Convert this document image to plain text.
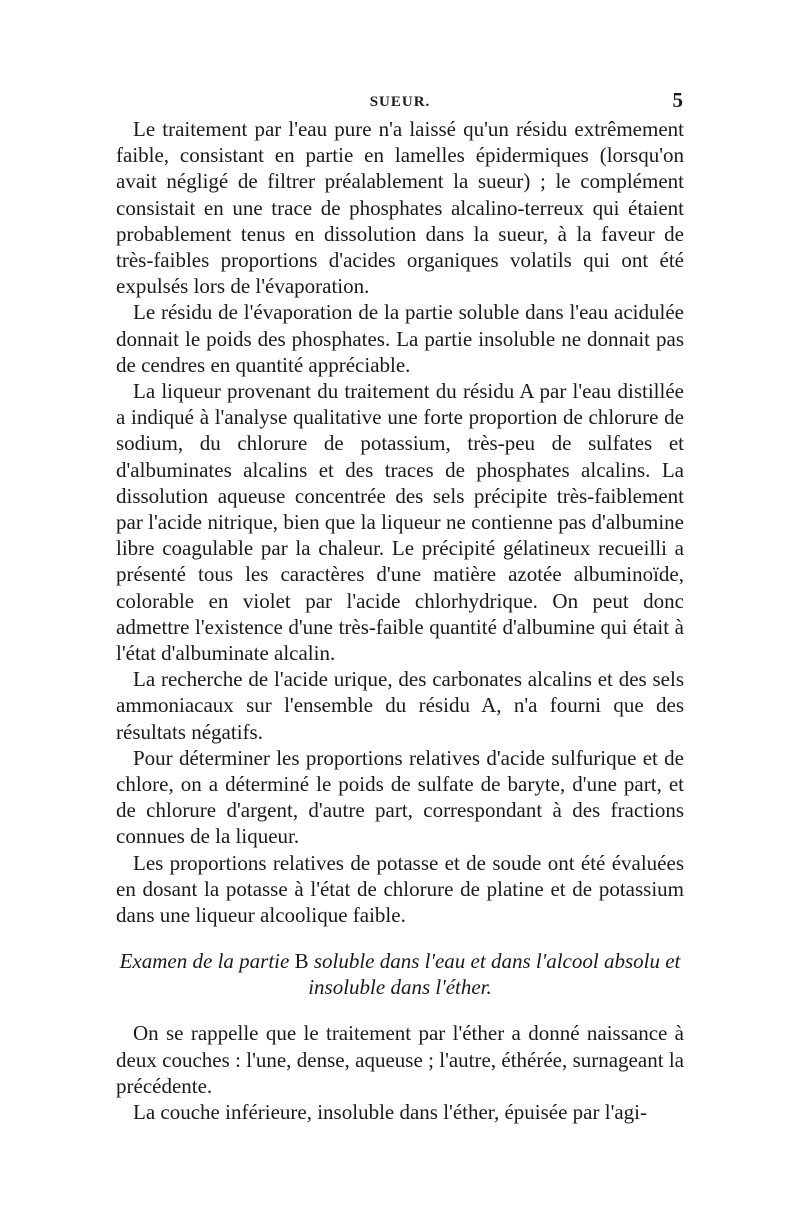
SUEUR.	5

Le traitement par l'eau pure n'a laissé qu'un résidu extrêmement faible, consistant en partie en lamelles épidermiques (lorsqu'on avait négligé de filtrer préalablement la sueur) ; le complément consistait en une trace de phosphates alcalino-terreux qui étaient probablement tenus en dissolution dans la sueur, à la faveur de très-faibles proportions d'acides organiques volatils qui ont été expulsés lors de l'évaporation.

Le résidu de l'évaporation de la partie soluble dans l'eau acidulée donnait le poids des phosphates. La partie insoluble ne donnait pas de cendres en quantité appréciable.

La liqueur provenant du traitement du résidu A par l'eau distillée a indiqué à l'analyse qualitative une forte proportion de chlorure de sodium, du chlorure de potassium, très-peu de sulfates et d'albuminates alcalins et des traces de phosphates alcalins. La dissolution aqueuse concentrée des sels précipite très-faiblement par l'acide nitrique, bien que la liqueur ne contienne pas d'albumine libre coagulable par la chaleur. Le précipité gélatineux recueilli a présenté tous les caractères d'une matière azotée albuminoïde, colorable en violet par l'acide chlorhydrique. On peut donc admettre l'existence d'une très-faible quantité d'albumine qui était à l'état d'albuminate alcalin.

La recherche de l'acide urique, des carbonates alcalins et des sels ammoniacaux sur l'ensemble du résidu A, n'a fourni que des résultats négatifs.

Pour déterminer les proportions relatives d'acide sulfurique et de chlore, on a déterminé le poids de sulfate de baryte, d'une part, et de chlorure d'argent, d'autre part, correspondant à des fractions connues de la liqueur.

Les proportions relatives de potasse et de soude ont été évaluées en dosant la potasse à l'état de chlorure de platine et de potassium dans une liqueur alcoolique faible.

Examen de la partie B soluble dans l'eau et dans l'alcool absolu et insoluble dans l'éther.

On se rappelle que le traitement par l'éther a donné naissance à deux couches : l'une, dense, aqueuse ; l'autre, éthérée, surnageant la précédente.

La couche inférieure, insoluble dans l'éther, épuisée par l'agi-
